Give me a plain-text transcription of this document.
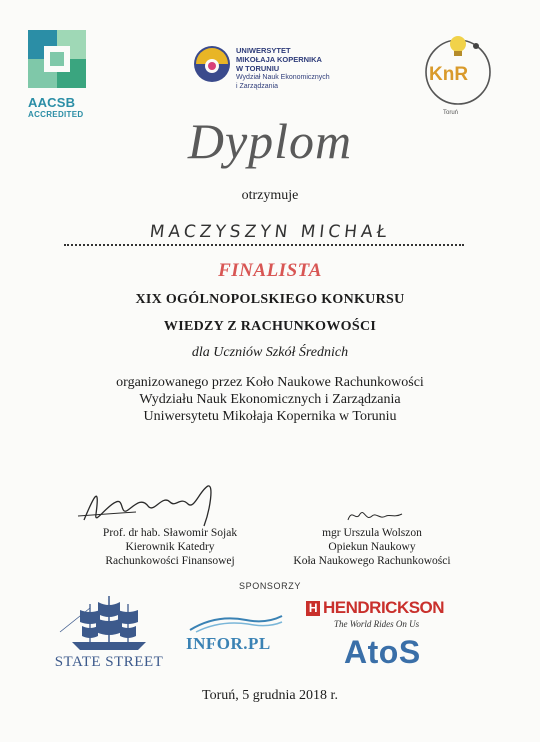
AACSB
ACCREDITED
UNIWERSYTET
MIKOŁAJA KOPERNIKA
W TORUNIU
Wydział Nauk Ekonomicznych
i Zarządzania
KnR
Toruń
Dyplom
otrzymuje
MACZYSZYN MICHAŁ
FINALISTA
XIX OGÓLNOPOLSKIEGO KONKURSU
WIEDZY Z RACHUNKOWOŚCI
dla Uczniów Szkół Średnich
organizowanego przez Koło Naukowe Rachunkowości
Wydziału Nauk Ekonomicznych i Zarządzania
Uniwersytetu Mikołaja Kopernika w Toruniu
Prof. dr hab. Sławomir Sojak
Kierownik Katedry
Rachunkowości Finansowej
mgr Urszula Wolszon
Opiekun Naukowy
Koła Naukowego Rachunkowości
SPONSORZY
STATE STREET
INFOR.PL
H HENDRICKSON
The World Rides On Us
AtoS
Toruń, 5 grudnia 2018 r.
